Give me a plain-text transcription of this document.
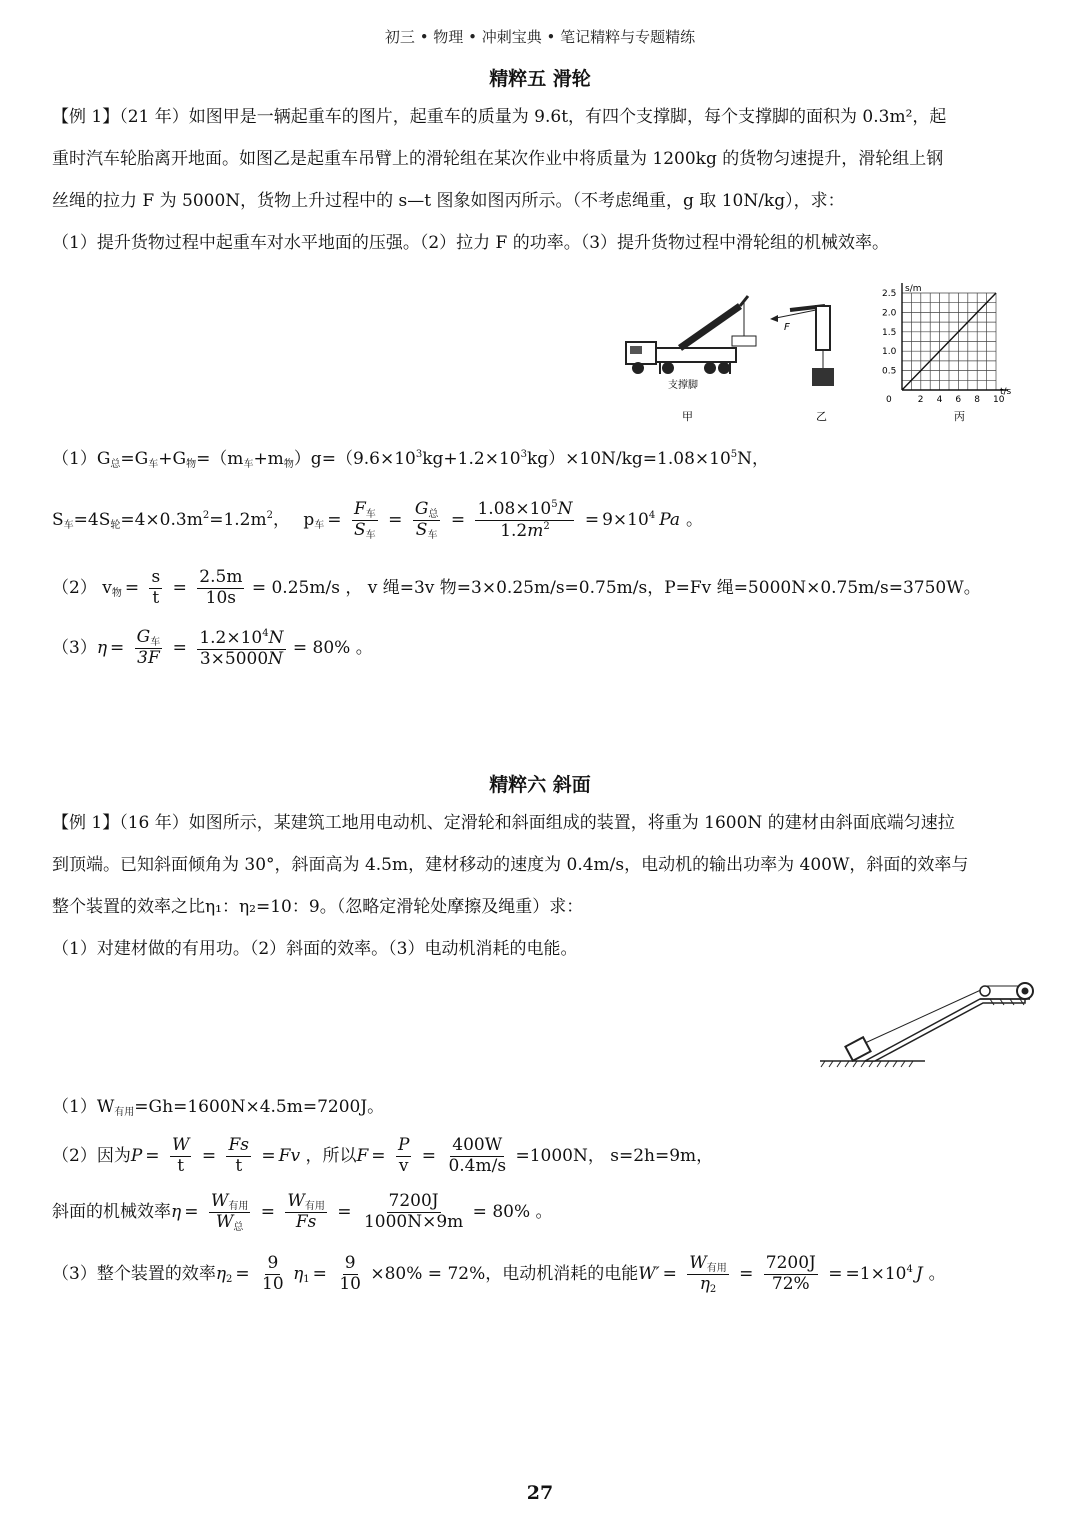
初三 • 物理 • 冲刺宝典 • 笔记精粹与专题精练
精粹五 滑轮
【例 1】（21 年）如图甲是一辆起重车的图片，起重车的质量为 9.6t，有四个支撑脚，每个支撑脚的面积为 0.3m²，起
重时汽车轮胎离开地面。如图乙是起重车吊臂上的滑轮组在某次作业中将质量为 1200kg 的货物匀速提升，滑轮组上钢
丝绳的拉力 F 为 5000N，货物上升过程中的 s—t 图象如图丙所示。（不考虑绳重，g 取 10N/kg），求：
（1）提升货物过程中起重车对水平地面的压强。（2）拉力 F 的功率。（3）提升货物过程中滑轮组的机械效率。
支撑脚
甲
F
乙
0.5
1.0
1.5
2.0
2.5
0	2 4 6 8 10
s/m
t/s
丙
$(1)G_总=G_车+G_物=(m_车+m_物)g=(9.6\times 10^3kg+1.2\times 10^3kg)\times 10N/kg=1.08\times 10^5N$，
$S_车=4S_轮=4\times 0.3m^2=1.2m^2$， $p_车$ =
$F_车$
$S_车$
=
$G_总$
$S_车$
= $\frac{1.08\times 10^5N}{1.2m^2} = 9\times 10^4$ Pa 。
（2） $v_物 = \frac{s}{t} = \frac{2.5m}{10s} = 0.25m/s$ ， v 绳=3v 物=3×0.25m/s=0.75m/s，P=Fv 绳=5000N×0.75m/s=3750W。
（3）η =
$G_车$
3F
= $\frac{1.2\times 10^4N}{3\times 5000N} = 80\%$ 。
精粹六 斜面
【例 1】（16 年）如图所示，某建筑工地用电动机、定滑轮和斜面组成的装置，将重为 1600N 的建材由斜面底端匀速拉
到顶端。已知斜面倾角为 30°，斜面高为 4.5m，建材移动的速度为 0.4m/s，电动机的输出功率为 400W，斜面的效率与
整个装置的效率之比η₁：η₂=10：9。（忽略定滑轮处摩擦及绳重）求：
（1）对建材做的有用功。（2）斜面的效率。（3）电动机消耗的电能。
$(1)W_{有用}=Gh=1600N\times 4.5m=7200J$。
（2）因为$P = \frac{W}{t} = \frac{Fs}{t} = Fv$ ，所以$F = \frac{P}{v} = \frac{400W}{0.4m/s} =1000N$， s=2h=9m，
斜面的机械效率η =
$W_{有用}$
$W_总$
=
$W_{有用}$
Fs
= $\frac{7200J}{1000N\times 9m} = 80\%$ 。
（3）整个装置的效率$\eta_2 = \frac{9}{10} \eta_1 = \frac{9}{10} \times 80\% = 72\%$，电动机消耗的电能W′ =
$W_{有用}$
$\eta_2$
= $\frac{7200J}{72\%} = =1\times 10^4$ J 。
27
